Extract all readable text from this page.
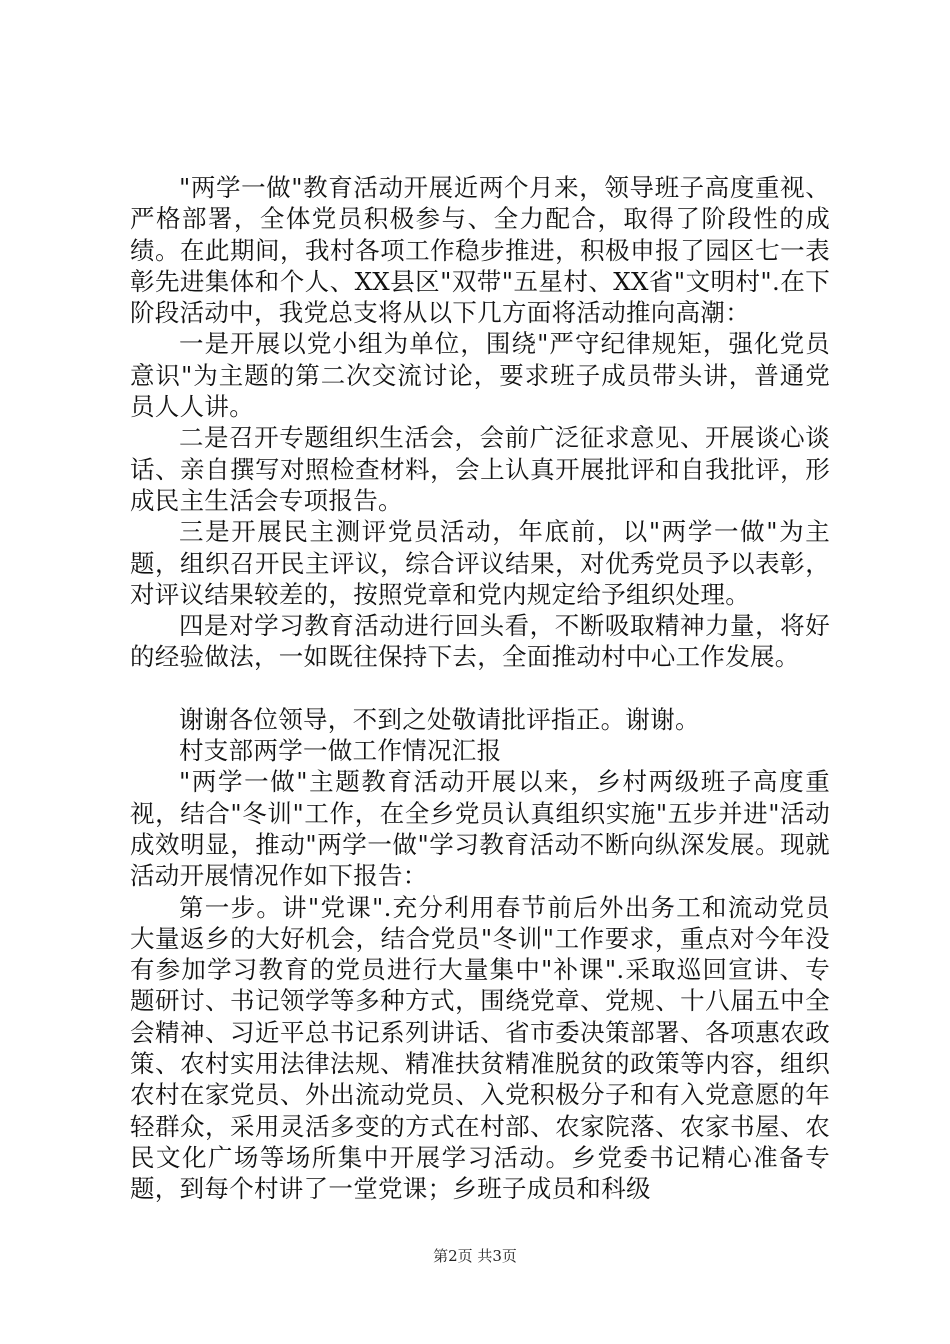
"两学一做"教育活动开展近两个月来，领导班子高度重视、严格部署，全体党员积极参与、全力配合，取得了阶段性的成绩。在此期间，我村各项工作稳步推进，积极申报了园区七一表彰先进集体和个人、XX县区"双带"五星村、XX省"文明村".在下阶段活动中，我党总支将从以下几方面将活动推向高潮：

一是开展以党小组为单位，围绕"严守纪律规矩，强化党员意识"为主题的第二次交流讨论，要求班子成员带头讲，普通党员人人讲。

二是召开专题组织生活会，会前广泛征求意见、开展谈心谈话、亲自撰写对照检查材料，会上认真开展批评和自我批评，形成民主生活会专项报告。

三是开展民主测评党员活动，年底前，以"两学一做"为主题，组织召开民主评议，综合评议结果，对优秀党员予以表彰，对评议结果较差的，按照党章和党内规定给予组织处理。

四是对学习教育活动进行回头看，不断吸取精神力量，将好的经验做法，一如既往保持下去，全面推动村中心工作发展。

谢谢各位领导，不到之处敬请批评指正。谢谢。

村支部两学一做工作情况汇报

"两学一做"主题教育活动开展以来，乡村两级班子高度重视，结合"冬训"工作，在全乡党员认真组织实施"五步并进"活动成效明显，推动"两学一做"学习教育活动不断向纵深发展。现就活动开展情况作如下报告：

第一步。讲"党课".充分利用春节前后外出务工和流动党员大量返乡的大好机会，结合党员"冬训"工作要求，重点对今年没有参加学习教育的党员进行大量集中"补课".采取巡回宣讲、专题研讨、书记领学等多种方式，围绕党章、党规、十八届五中全会精神、习近平总书记系列讲话、省市委决策部署、各项惠农政策、农村实用法律法规、精准扶贫精准脱贫的政策等内容，组织农村在家党员、外出流动党员、入党积极分子和有入党意愿的年轻群众，采用灵活多变的方式在村部、农家院落、农家书屋、农民文化广场等场所集中开展学习活动。乡党委书记精心准备专题，到每个村讲了一堂党课；乡班子成员和科级

第2页 共3页
